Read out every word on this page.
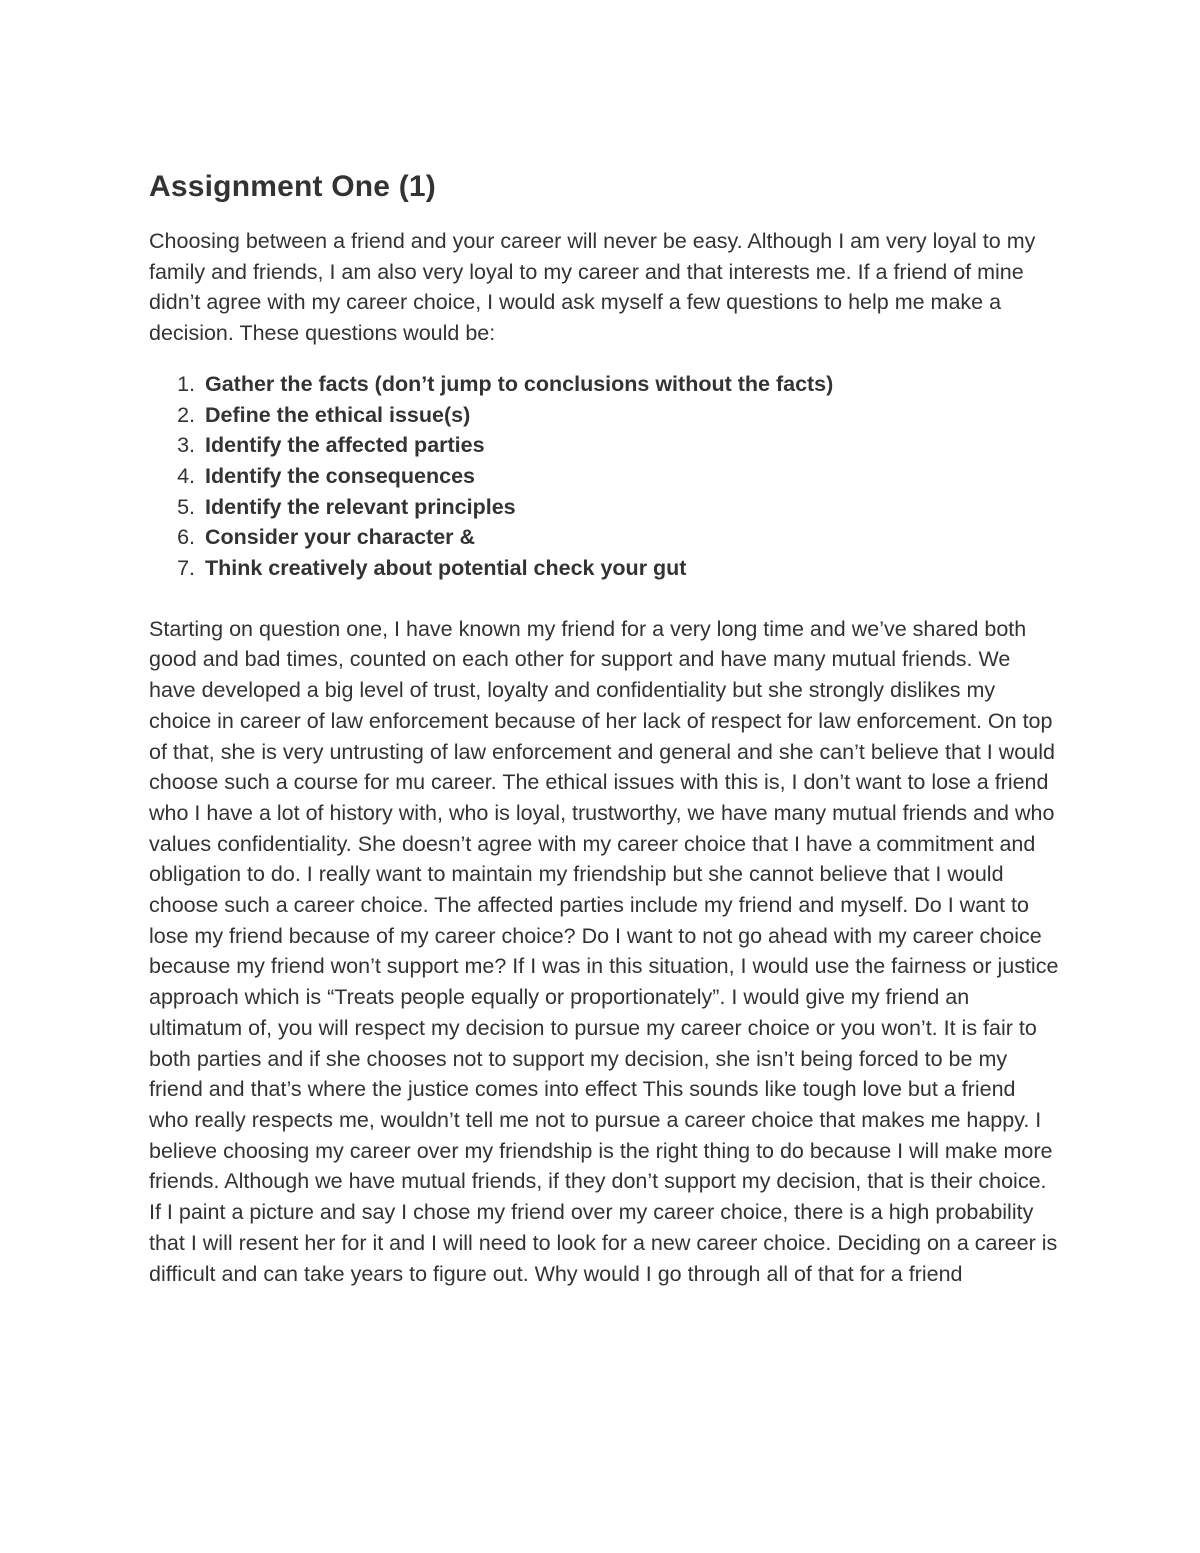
Assignment One (1)

Choosing between a friend and your career will never be easy. Although I am very loyal to my family and friends, I am also very loyal to my career and that interests me. If a friend of mine didn’t agree with my career choice, I would ask myself a few questions to help me make a decision. These questions would be:

1. Gather the facts (don’t jump to conclusions without the facts)
2. Define the ethical issue(s)
3. Identify the affected parties
4. Identify the consequences
5. Identify the relevant principles
6. Consider your character &
7. Think creatively about potential check your gut

Starting on question one, I have known my friend for a very long time and we’ve shared both good and bad times, counted on each other for support and have many mutual friends. We have developed a big level of trust, loyalty and confidentiality but she strongly dislikes my choice in career of law enforcement because of her lack of respect for law enforcement. On top of that, she is very untrusting of law enforcement and general and she can’t believe that I would choose such a course for mu career. The ethical issues with this is, I don’t want to lose a friend who I have a lot of history with, who is loyal, trustworthy, we have many mutual friends and who values confidentiality. She doesn’t agree with my career choice that I have a commitment and obligation to do. I really want to maintain my friendship but she cannot believe that I would choose such a career choice. The affected parties include my friend and myself. Do I want to lose my friend because of my career choice? Do I want to not go ahead with my career choice because my friend won’t support me? If I was in this situation, I would use the fairness or justice approach which is “Treats people equally or proportionately”. I would give my friend an ultimatum of, you will respect my decision to pursue my career choice or you won’t. It is fair to both parties and if she chooses not to support my decision, she isn’t being forced to be my friend and that’s where the justice comes into effect This sounds like tough love but a friend who really respects me, wouldn’t tell me not to pursue a career choice that makes me happy. I believe choosing my career over my friendship is the right thing to do because I will make more friends. Although we have mutual friends, if they don’t support my decision, that is their choice. If I paint a picture and say I chose my friend over my career choice, there is a high probability that I will resent her for it and I will need to look for a new career choice. Deciding on a career is difficult and can take years to figure out. Why would I go through all of that for a friend
